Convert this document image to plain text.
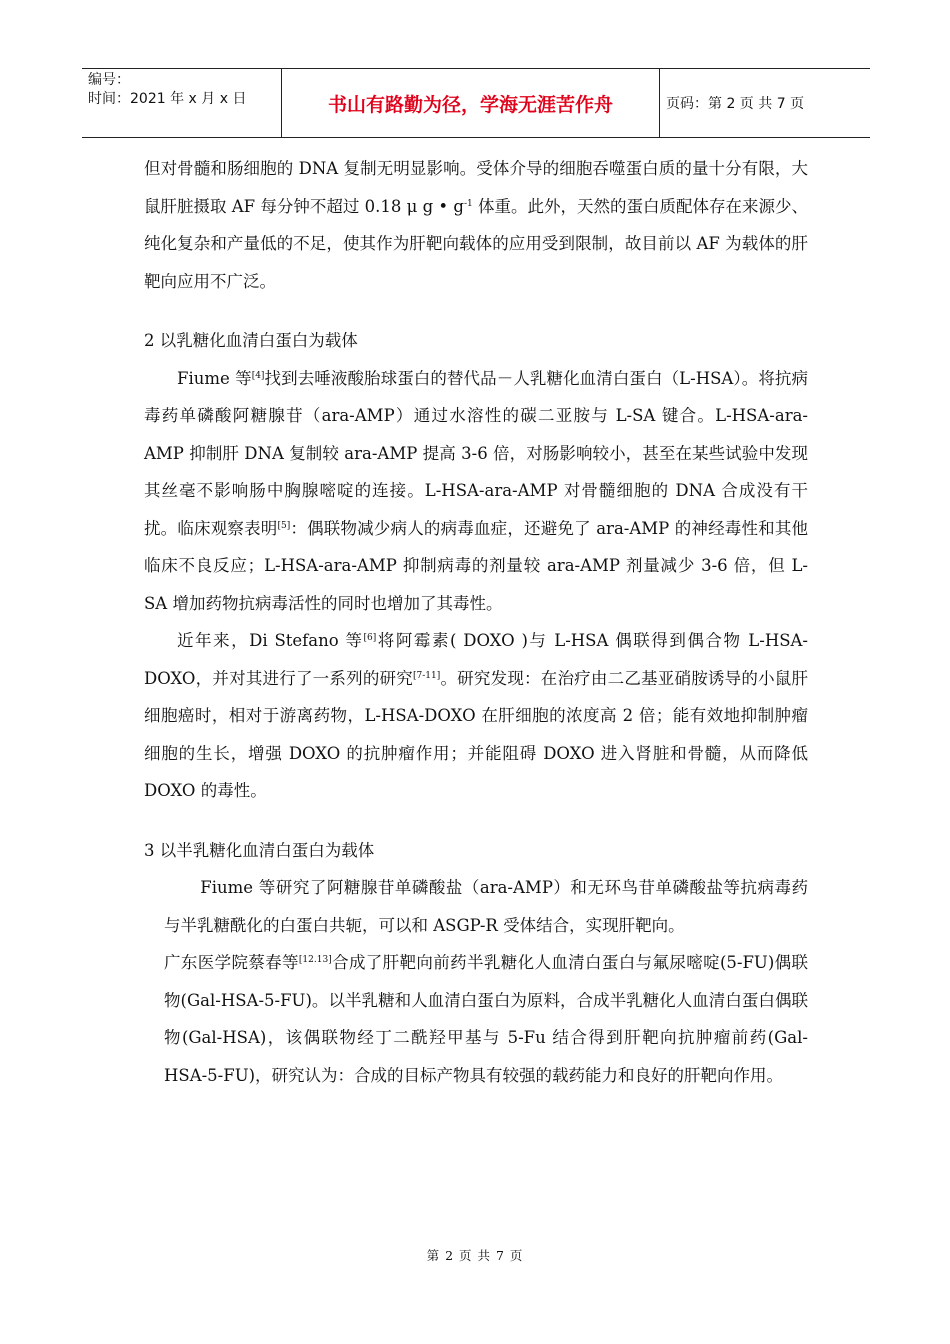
编号：
时间：2021 年 x 月 x 日	书山有路勤为径，学海无涯苦作舟	页码：第 2 页 共 7 页

但对骨髓和肠细胞的 DNA 复制无明显影响。受体介导的细胞吞噬蛋白质的量十分有限，大鼠肝脏摄取 AF 每分钟不超过 0.18 μ g • $g^{-1}$ 体重。此外，天然的蛋白质配体存在来源少、纯化复杂和产量低的不足，使其作为肝靶向载体的应用受到限制，故目前以 AF 为载体的肝靶向应用不广泛。

2 以乳糖化血清白蛋白为载体

Fiume 等[4]找到去唾液酸胎球蛋白的替代品－人乳糖化血清白蛋白（L-HSA）。将抗病毒药单磷酸阿糖腺苷（ara-AMP）通过水溶性的碳二亚胺与 L-SA 键合。L-HSA-ara-AMP 抑制肝 DNA 复制较 ara-AMP 提高 3-6 倍，对肠影响较小，甚至在某些试验中发现其丝毫不影响肠中胸腺嘧啶的连接。L-HSA-ara-AMP 对骨髓细胞的 DNA 合成没有干扰。临床观察表明[5]：偶联物减少病人的病毒血症，还避免了 ara-AMP 的神经毒性和其他临床不良反应；L-HSA-ara-AMP 抑制病毒的剂量较 ara-AMP 剂量减少 3-6 倍，但 L-SA 增加药物抗病毒活性的同时也增加了其毒性。

近年来，Di Stefano 等[6]将阿霉素( DOXO )与 L-HSA 偶联得到偶合物 L-HSA-DOXO，并对其进行了一系列的研究[7-11]。研究发现：在治疗由二乙基亚硝胺诱导的小鼠肝细胞癌时，相对于游离药物，L-HSA-DOXO 在肝细胞的浓度高 2 倍；能有效地抑制肿瘤细胞的生长，增强 DOXO 的抗肿瘤作用；并能阻碍 DOXO 进入肾脏和骨髓，从而降低 DOXO 的毒性。

3 以半乳糖化血清白蛋白为载体

Fiume 等研究了阿糖腺苷单磷酸盐（ara-AMP）和无环鸟苷单磷酸盐等抗病毒药与半乳糖酰化的白蛋白共轭，可以和 ASGP-R 受体结合，实现肝靶向。

广东医学院蔡春等[12.13]合成了肝靶向前药半乳糖化人血清白蛋白与氟尿嘧啶(5-FU)偶联物(Gal-HSA-5-FU)。以半乳糖和人血清白蛋白为原料，合成半乳糖化人血清白蛋白偶联物(Gal-HSA)，该偶联物经丁二酰羟甲基与 5-Fu 结合得到肝靶向抗肿瘤前药(Gal-HSA-5-FU)，研究认为：合成的目标产物具有较强的载药能力和良好的肝靶向作用。

第 2 页 共 7 页
